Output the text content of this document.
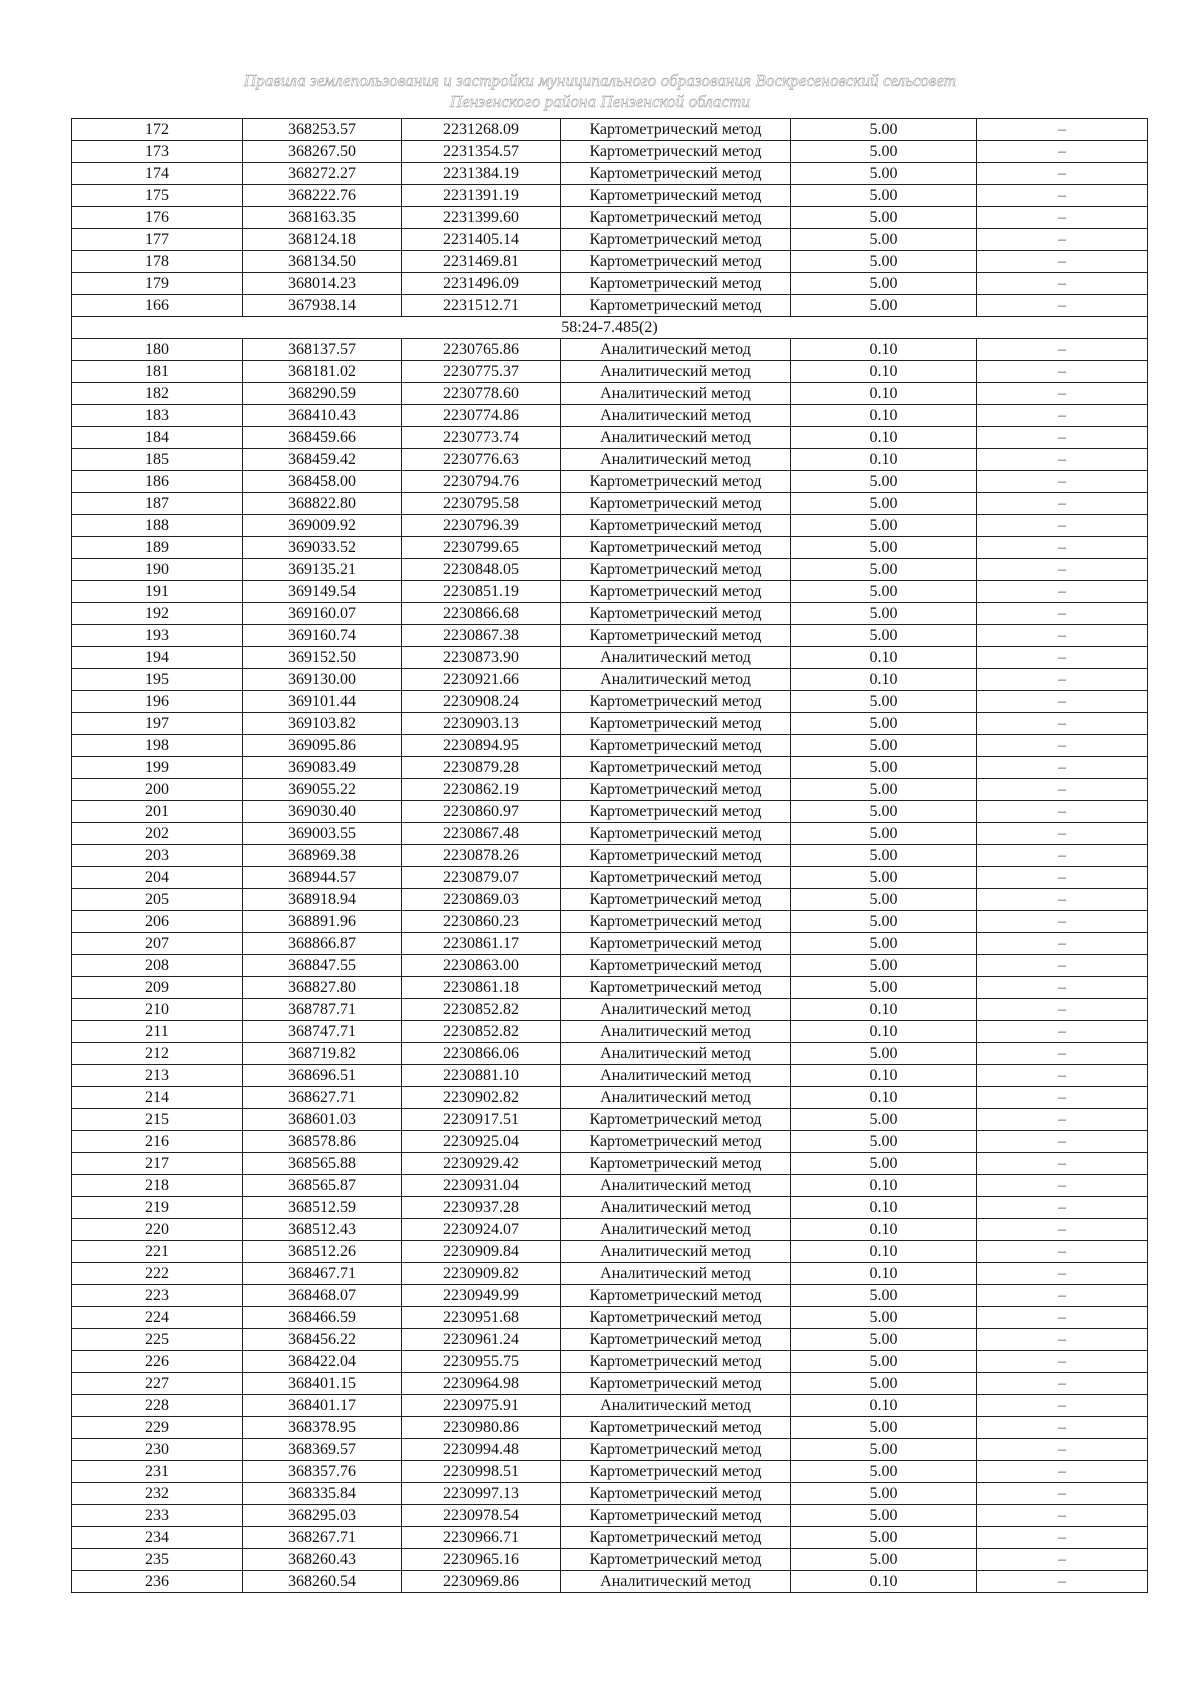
Правила землепользования и застройки муниципального образования Воскресеновский сельсовет
Пензенского района Пензенской области
172	368253.57	2231268.09	Картометрический метод	5.00	–
173	368267.50	2231354.57	Картометрический метод	5.00	–
174	368272.27	2231384.19	Картометрический метод	5.00	–
175	368222.76	2231391.19	Картометрический метод	5.00	–
176	368163.35	2231399.60	Картометрический метод	5.00	–
177	368124.18	2231405.14	Картометрический метод	5.00	–
178	368134.50	2231469.81	Картометрический метод	5.00	–
179	368014.23	2231496.09	Картометрический метод	5.00	–
166	367938.14	2231512.71	Картометрический метод	5.00	–
58:24-7.485(2)					
180	368137.57	2230765.86	Аналитический метод	0.10	–
181	368181.02	2230775.37	Аналитический метод	0.10	–
182	368290.59	2230778.60	Аналитический метод	0.10	–
183	368410.43	2230774.86	Аналитический метод	0.10	–
184	368459.66	2230773.74	Аналитический метод	0.10	–
185	368459.42	2230776.63	Аналитический метод	0.10	–
186	368458.00	2230794.76	Картометрический метод	5.00	–
187	368822.80	2230795.58	Картометрический метод	5.00	–
188	369009.92	2230796.39	Картометрический метод	5.00	–
189	369033.52	2230799.65	Картометрический метод	5.00	–
190	369135.21	2230848.05	Картометрический метод	5.00	–
191	369149.54	2230851.19	Картометрический метод	5.00	–
192	369160.07	2230866.68	Картометрический метод	5.00	–
193	369160.74	2230867.38	Картометрический метод	5.00	–
194	369152.50	2230873.90	Аналитический метод	0.10	–
195	369130.00	2230921.66	Аналитический метод	0.10	–
196	369101.44	2230908.24	Картометрический метод	5.00	–
197	369103.82	2230903.13	Картометрический метод	5.00	–
198	369095.86	2230894.95	Картометрический метод	5.00	–
199	369083.49	2230879.28	Картометрический метод	5.00	–
200	369055.22	2230862.19	Картометрический метод	5.00	–
201	369030.40	2230860.97	Картометрический метод	5.00	–
202	369003.55	2230867.48	Картометрический метод	5.00	–
203	368969.38	2230878.26	Картометрический метод	5.00	–
204	368944.57	2230879.07	Картометрический метод	5.00	–
205	368918.94	2230869.03	Картометрический метод	5.00	–
206	368891.96	2230860.23	Картометрический метод	5.00	–
207	368866.87	2230861.17	Картометрический метод	5.00	–
208	368847.55	2230863.00	Картометрический метод	5.00	–
209	368827.80	2230861.18	Картометрический метод	5.00	–
210	368787.71	2230852.82	Аналитический метод	0.10	–
211	368747.71	2230852.82	Аналитический метод	0.10	–
212	368719.82	2230866.06	Аналитический метод	5.00	–
213	368696.51	2230881.10	Аналитический метод	0.10	–
214	368627.71	2230902.82	Аналитический метод	0.10	–
215	368601.03	2230917.51	Картометрический метод	5.00	–
216	368578.86	2230925.04	Картометрический метод	5.00	–
217	368565.88	2230929.42	Картометрический метод	5.00	–
218	368565.87	2230931.04	Аналитический метод	0.10	–
219	368512.59	2230937.28	Аналитический метод	0.10	–
220	368512.43	2230924.07	Аналитический метод	0.10	–
221	368512.26	2230909.84	Аналитический метод	0.10	–
222	368467.71	2230909.82	Аналитический метод	0.10	–
223	368468.07	2230949.99	Картометрический метод	5.00	–
224	368466.59	2230951.68	Картометрический метод	5.00	–
225	368456.22	2230961.24	Картометрический метод	5.00	–
226	368422.04	2230955.75	Картометрический метод	5.00	–
227	368401.15	2230964.98	Картометрический метод	5.00	–
228	368401.17	2230975.91	Аналитический метод	0.10	–
229	368378.95	2230980.86	Картометрический метод	5.00	–
230	368369.57	2230994.48	Картометрический метод	5.00	–
231	368357.76	2230998.51	Картометрический метод	5.00	–
232	368335.84	2230997.13	Картометрический метод	5.00	–
233	368295.03	2230978.54	Картометрический метод	5.00	–
234	368267.71	2230966.71	Картометрический метод	5.00	–
235	368260.43	2230965.16	Картометрический метод	5.00	–
236	368260.54	2230969.86	Аналитический метод	0.10	–
